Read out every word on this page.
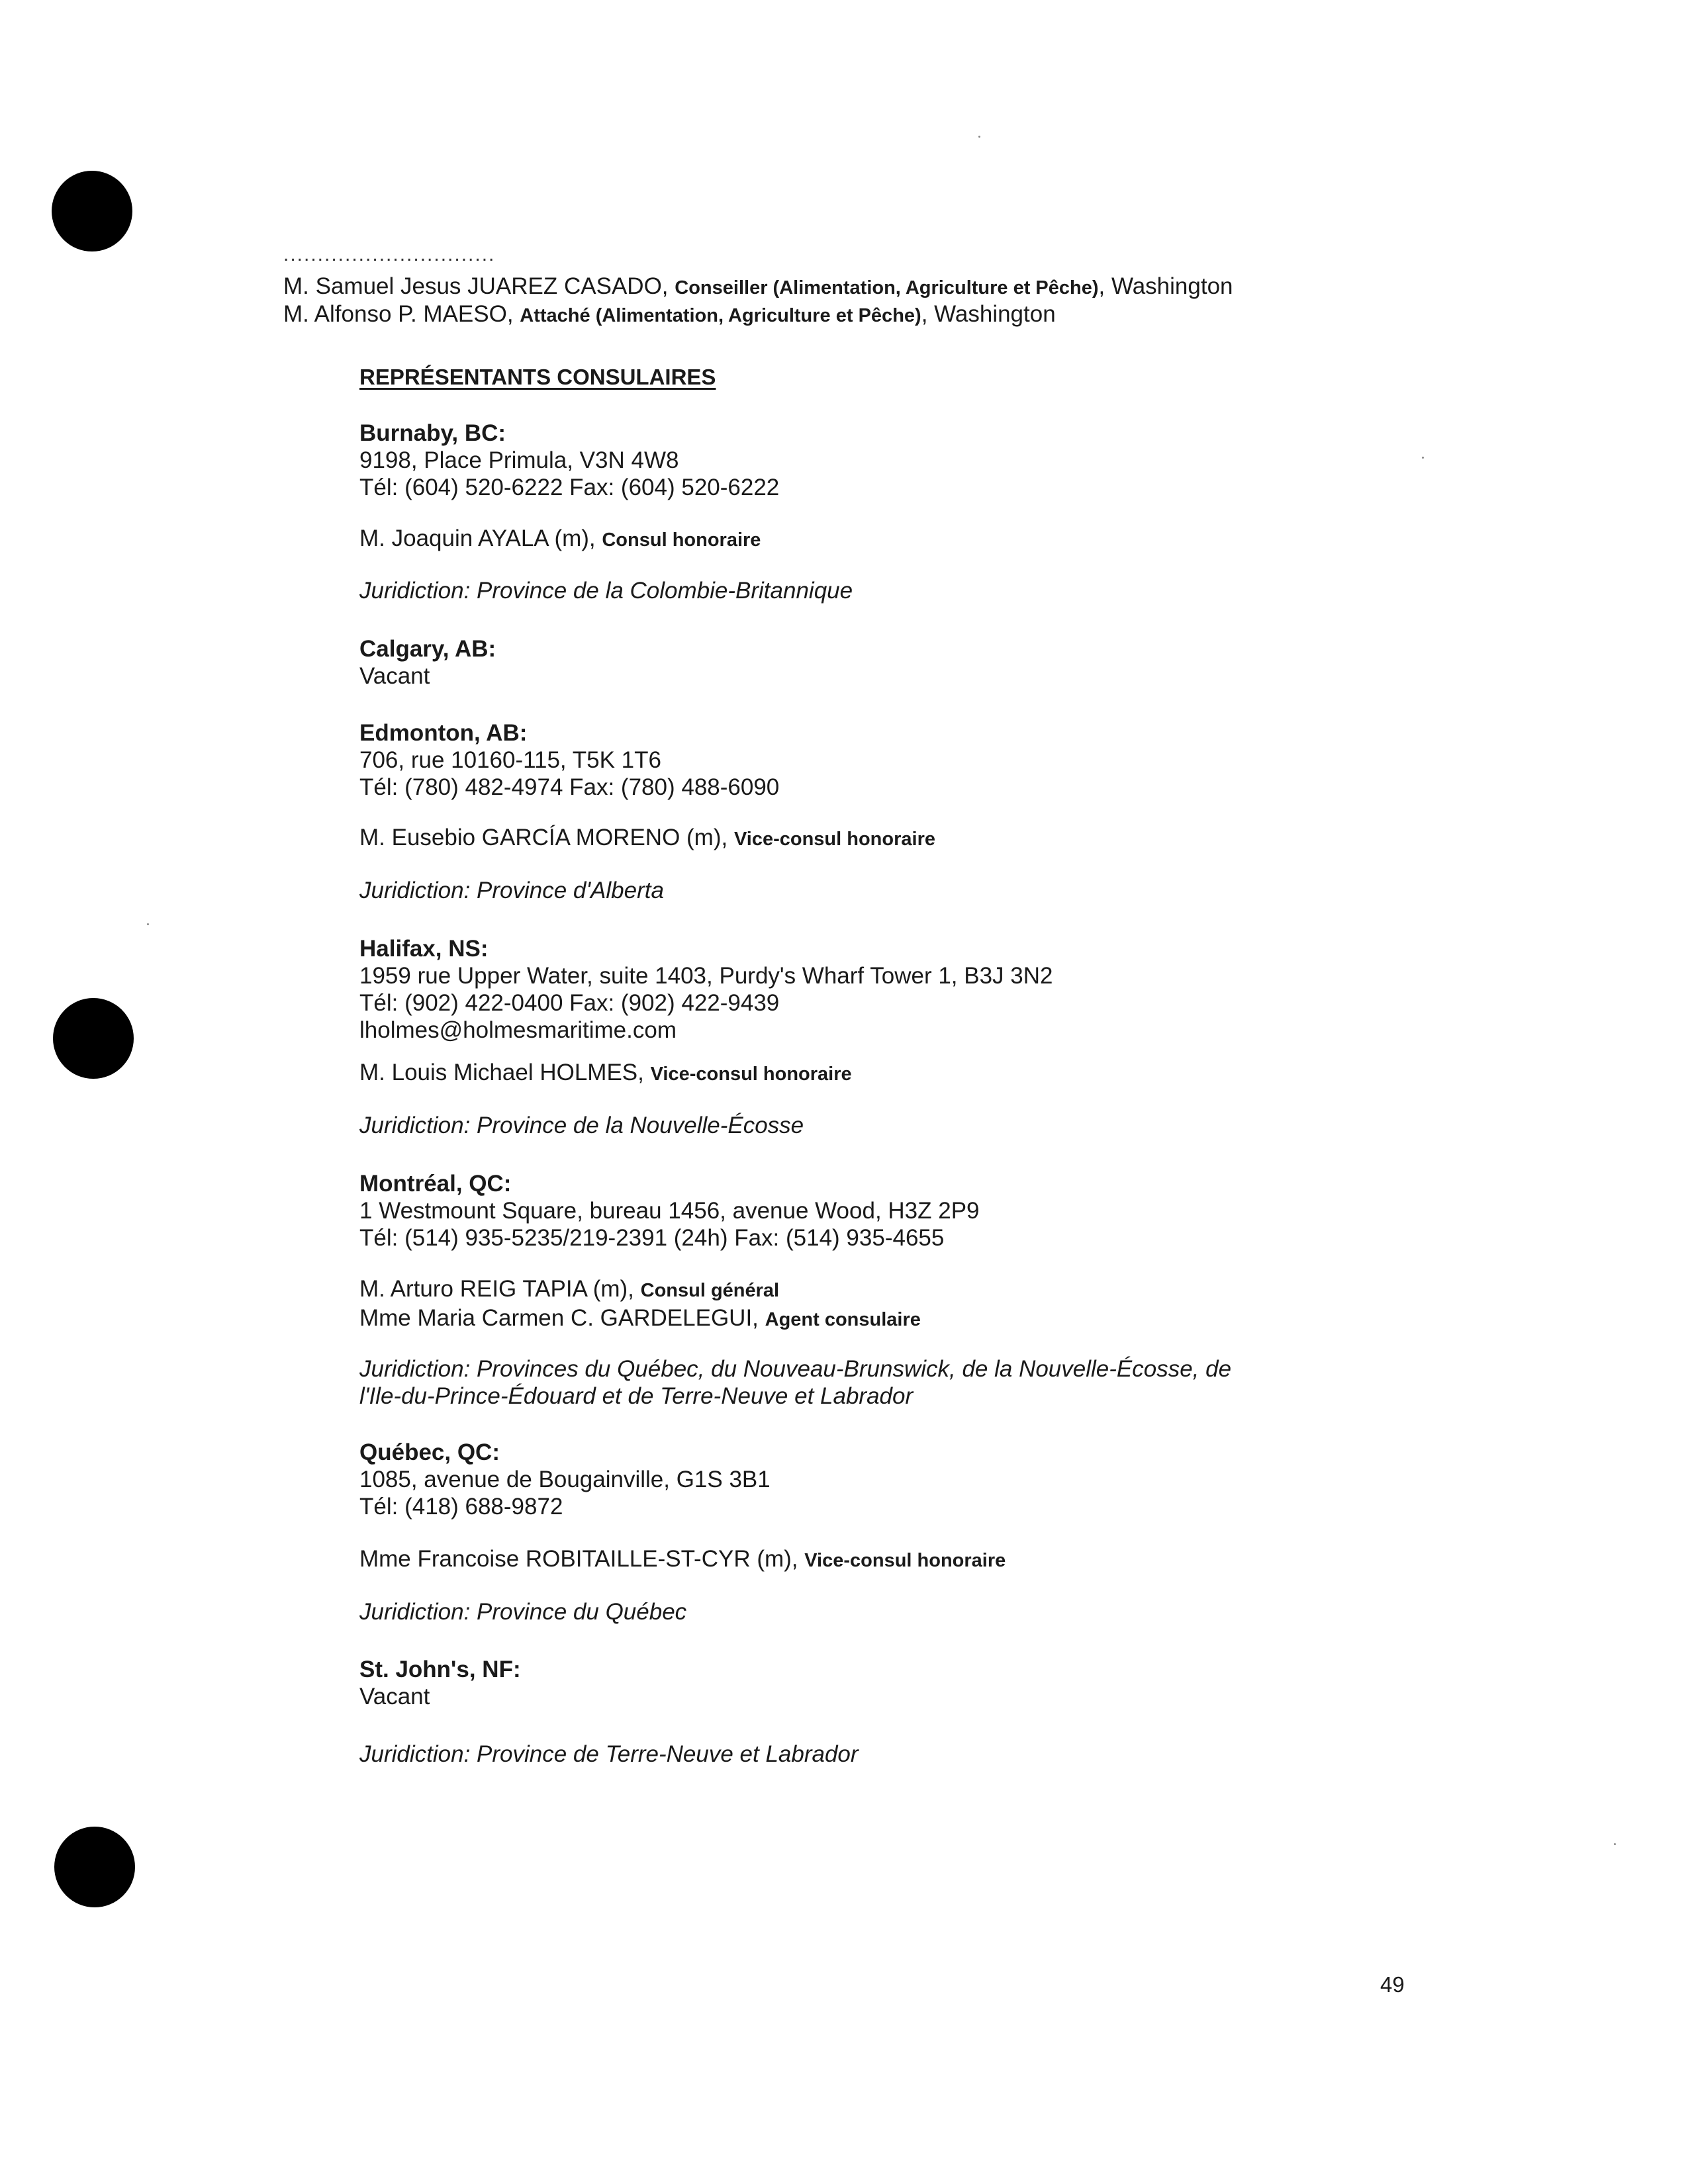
...............................
M. Samuel Jesus JUAREZ CASADO, Conseiller (Alimentation, Agriculture et Pêche), Washington
M. Alfonso P. MAESO, Attaché (Alimentation, Agriculture et Pêche), Washington
REPRÉSENTANTS CONSULAIRES
Burnaby, BC:
9198, Place Primula, V3N 4W8
Tél: (604) 520-6222 Fax: (604) 520-6222
M. Joaquin AYALA (m), Consul honoraire
Juridiction: Province de la Colombie-Britannique
Calgary, AB:
Vacant
Edmonton, AB:
706, rue 10160-115, T5K 1T6
Tél: (780) 482-4974 Fax: (780) 488-6090
M. Eusebio GARCÍA MORENO (m), Vice-consul honoraire
Juridiction: Province d'Alberta
Halifax, NS:
1959 rue Upper Water, suite 1403, Purdy's Wharf Tower 1, B3J 3N2
Tél: (902) 422-0400 Fax: (902) 422-9439
lholmes@holmesmaritime.com
M. Louis Michael HOLMES, Vice-consul honoraire
Juridiction: Province de la Nouvelle-Écosse
Montréal, QC:
1 Westmount Square, bureau 1456, avenue Wood, H3Z 2P9
Tél: (514) 935-5235/219-2391 (24h) Fax: (514) 935-4655
M. Arturo REIG TAPIA (m), Consul général
Mme Maria Carmen C. GARDELEGUI, Agent consulaire
Juridiction: Provinces du Québec, du Nouveau-Brunswick, de la Nouvelle-Écosse, de
l'Ile-du-Prince-Édouard et de Terre-Neuve et Labrador
Québec, QC:
1085, avenue de Bougainville, G1S 3B1
Tél: (418) 688-9872
Mme Francoise ROBITAILLE-ST-CYR (m), Vice-consul honoraire
Juridiction: Province du Québec
St. John's, NF:
Vacant
Juridiction: Province de Terre-Neuve et Labrador
49
